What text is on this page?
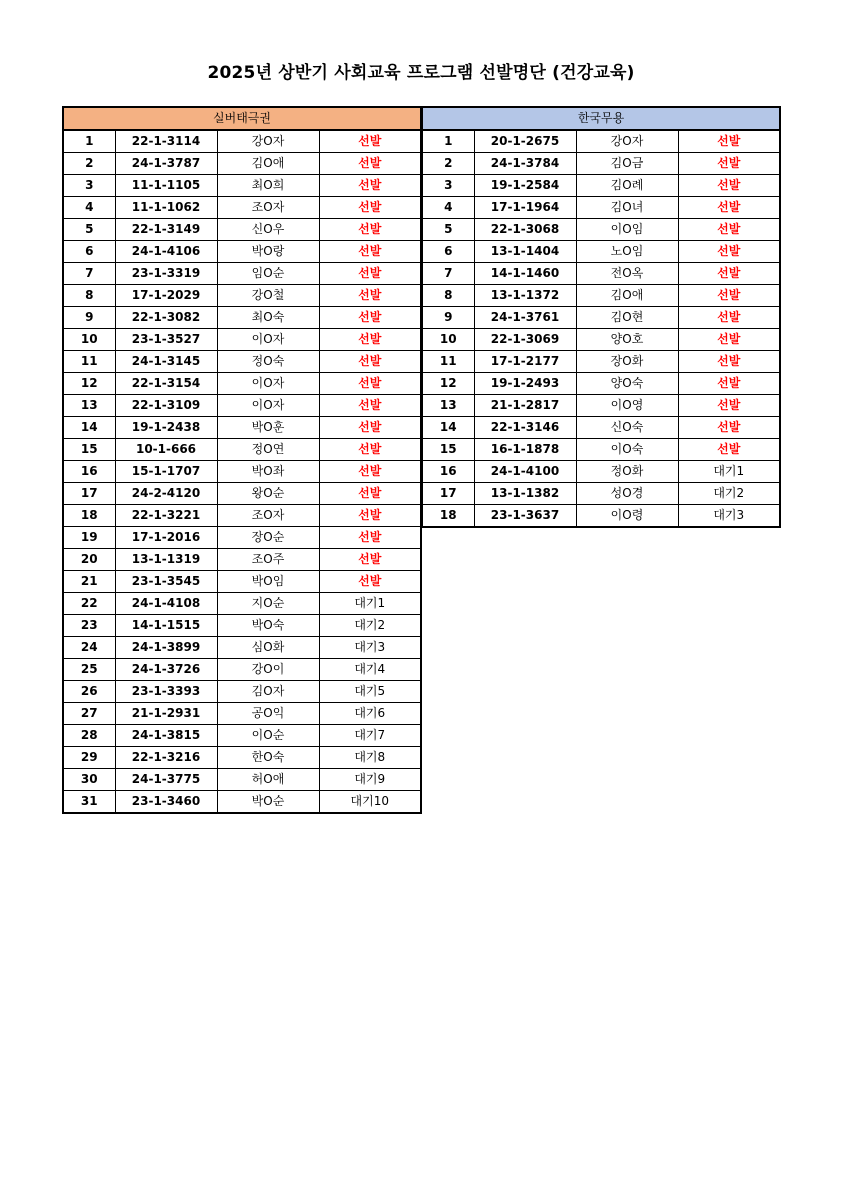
2025년 상반기 사회교육 프로그램 선발명단 (건강교육)
실버태극권			
1	22-1-3114	강O자	선발
2	24-1-3787	김O애	선발
3	11-1-1105	최O희	선발
4	11-1-1062	조O자	선발
5	22-1-3149	신O우	선발
6	24-1-4106	박O랑	선발
7	23-1-3319	임O순	선발
8	17-1-2029	강O철	선발
9	22-1-3082	최O숙	선발
10	23-1-3527	이O자	선발
11	24-1-3145	정O숙	선발
12	22-1-3154	이O자	선발
13	22-1-3109	이O자	선발
14	19-1-2438	박O훈	선발
15	10-1-666	정O연	선발
16	15-1-1707	박O좌	선발
17	24-2-4120	왕O순	선발
18	22-1-3221	조O자	선발
19	17-1-2016	장O순	선발
20	13-1-1319	조O주	선발
21	23-1-3545	박O임	선발
22	24-1-4108	지O순	대기1
23	14-1-1515	박O숙	대기2
24	24-1-3899	심O화	대기3
25	24-1-3726	강O이	대기4
26	23-1-3393	김O자	대기5
27	21-1-2931	공O익	대기6
28	24-1-3815	이O순	대기7
29	22-1-3216	한O숙	대기8
30	24-1-3775	허O애	대기9
31	23-1-3460	박O순	대기10
한국무용			
1	20-1-2675	강O자	선발
2	24-1-3784	김O금	선발
3	19-1-2584	김O례	선발
4	17-1-1964	김O녀	선발
5	22-1-3068	이O임	선발
6	13-1-1404	노O임	선발
7	14-1-1460	전O옥	선발
8	13-1-1372	김O애	선발
9	24-1-3761	김O현	선발
10	22-1-3069	양O호	선발
11	17-1-2177	장O화	선발
12	19-1-2493	양O숙	선발
13	21-1-2817	이O영	선발
14	22-1-3146	신O숙	선발
15	16-1-1878	이O숙	선발
16	24-1-4100	정O화	대기1
17	13-1-1382	성O경	대기2
18	23-1-3637	이O령	대기3
